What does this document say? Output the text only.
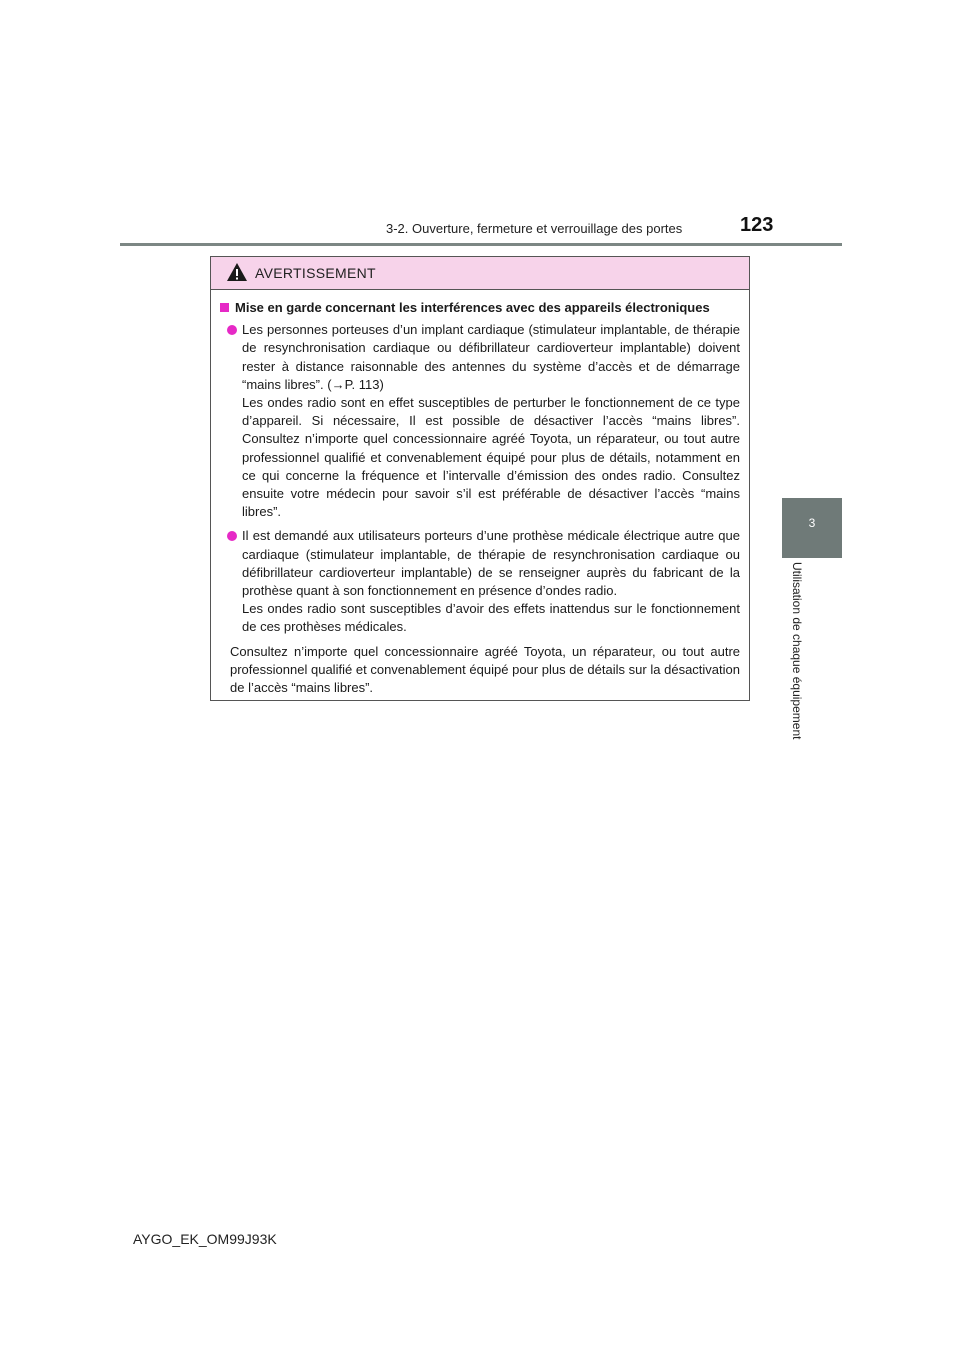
3-2. Ouverture, fermeture et verrouillage des portes	123
3
Utilisation de chaque équipement
AVERTISSEMENT
Mise en garde concernant les interférences avec des appareils électroniques

Les personnes porteuses d’un implant cardiaque (stimulateur implantable, de thérapie de resynchronisation cardiaque ou défibrillateur cardioverteur implantable) doivent rester à distance raisonnable des antennes du système d’accès et de démarrage “mains libres”. (→P. 113)

Les ondes radio sont en effet susceptibles de perturber le fonctionnement de ce type d’appareil. Si nécessaire, Il est possible de désactiver l’accès “mains libres”. Consultez n’importe quel concessionnaire agréé Toyota, un réparateur, ou tout autre professionnel qualifié et convenablement équipé pour plus de détails, notamment en ce qui concerne la fréquence et l’intervalle d’émission des ondes radio. Consultez ensuite votre médecin pour savoir s’il est préférable de désactiver l’accès “mains libres”.

Il est demandé aux utilisateurs porteurs d’une prothèse médicale électrique autre que cardiaque (stimulateur implantable, de thérapie de resynchronisation cardiaque ou défibrillateur cardioverteur implantable) de se renseigner auprès du fabricant de la prothèse quant à son fonctionnement en présence d’ondes radio.

Les ondes radio sont susceptibles d’avoir des effets inattendus sur le fonctionnement de ces prothèses médicales.

Consultez n’importe quel concessionnaire agréé Toyota, un réparateur, ou tout autre professionnel qualifié et convenablement équipé pour plus de détails sur la désactivation de l’accès “mains libres”.

AYGO_EK_OM99J93K
